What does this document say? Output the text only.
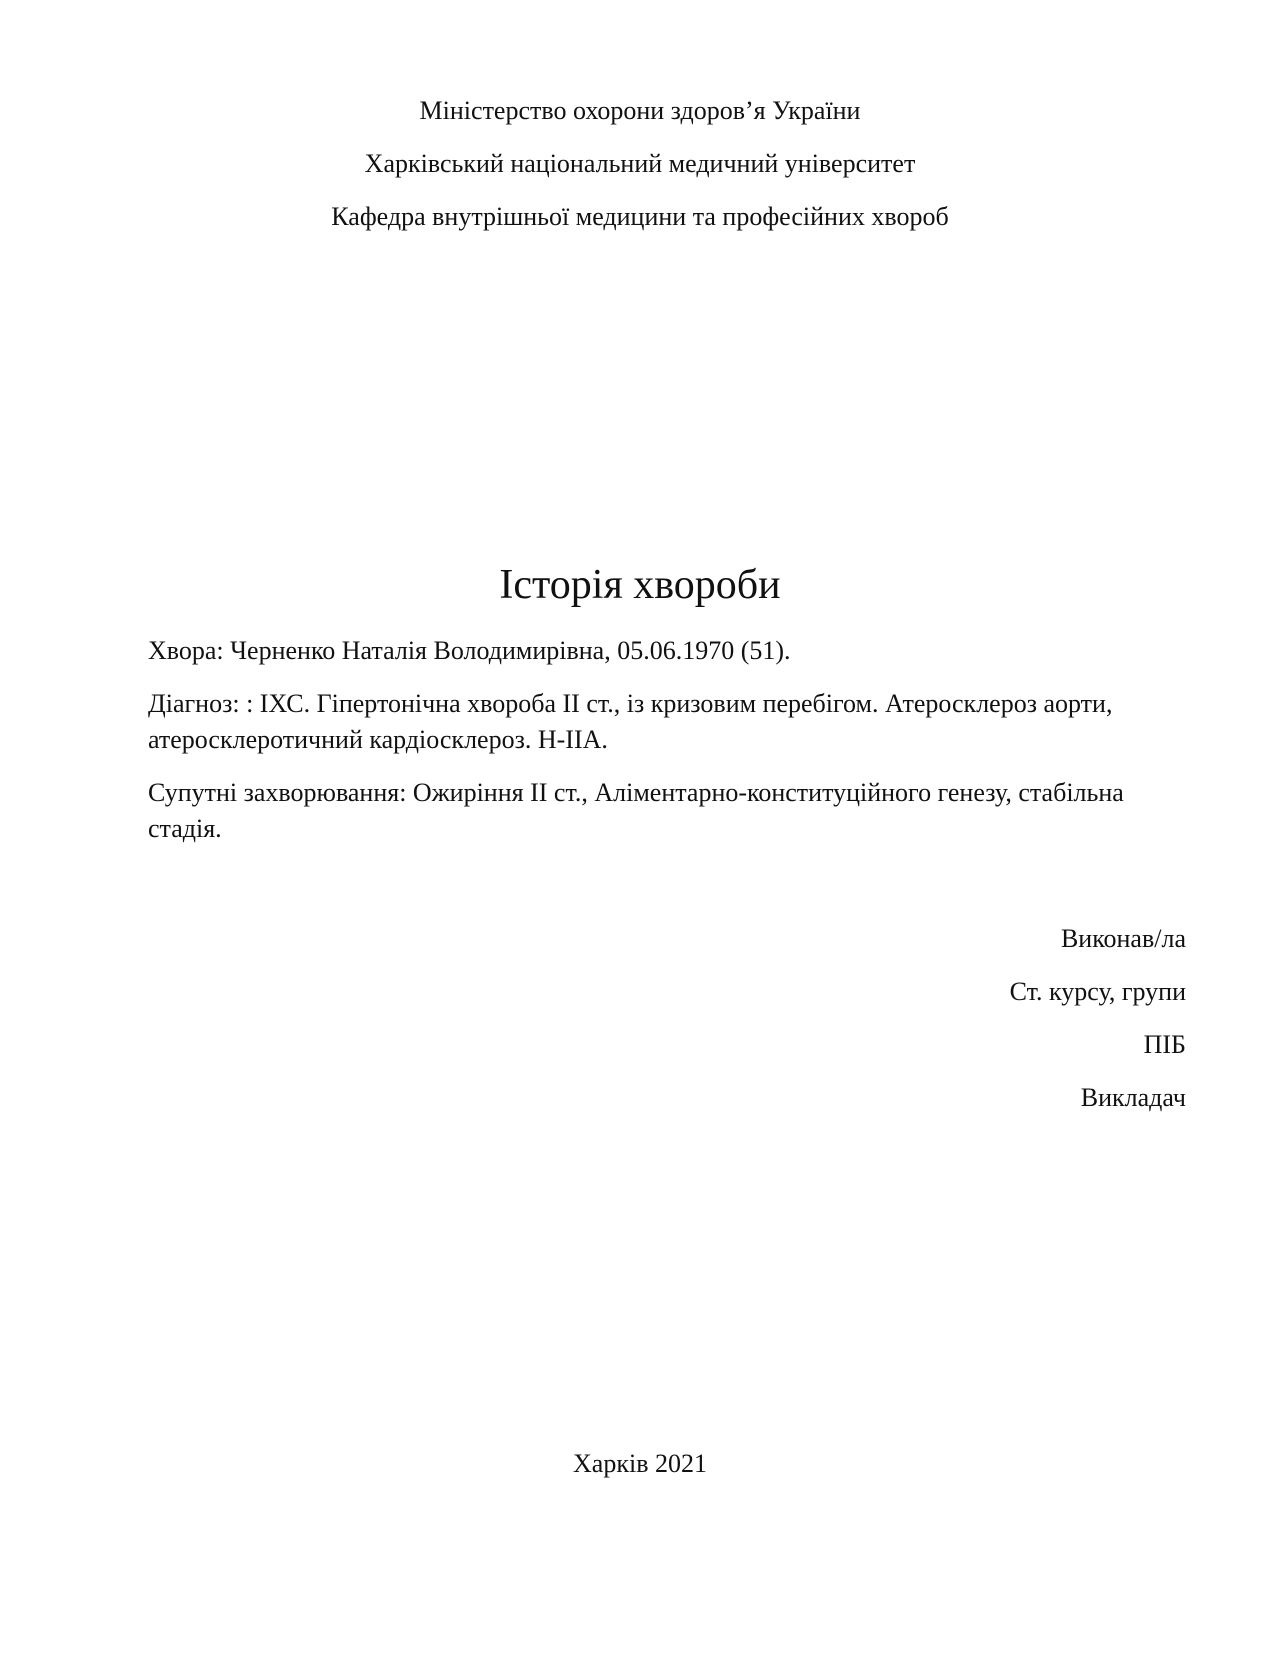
Міністерство охорони здоров’я України
Харківський національний медичний університет
Кафедра внутрішньої медицини та професійних хвороб
Історія хвороби

Хвора: Черненко Наталія Володимирівна, 05.06.1970 (51).

Діагноз: : ІХС. Гіпертонічна хвороба ІІ ст., із кризовим перебігом. Атеросклероз аорти, атеросклеротичний кардіосклероз. Н-IIА.

Супутні захворювання: Ожиріння ІІ ст., Аліментарно-конституційного генезу, стабільна стадія.

Виконав/ла
Ст. курсу, групи
ПІБ
Викладач
Харків 2021
